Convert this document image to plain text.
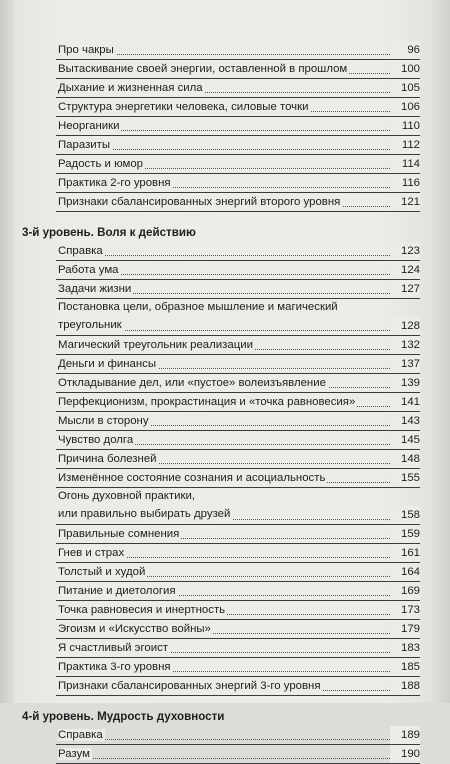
Про чакры	96
Вытаскивание своей энергии, оставленной в прошлом	100
Дыхание и жизненная сила	105
Структура энергетики человека, силовые точки	106
Неорганики	110
Паразиты	112
Радость и юмор	114
Практика 2-го уровня	116
Признаки сбалансированных энергий второго уровня	121
3-й уровень. Воля к действию
Справка	123
Работа ума	124
Задачи жизни	127
Постановка цели, образное мышление и магический
треугольник	128
Магический треугольник реализации	132
Деньги и финансы	137
Откладывание дел, или «пустое» волеизъявление	139
Перфекционизм, прокрастинация и «точка равновесия»	141
Мысли в сторону	143
Чувство долга	145
Причина болезней	148
Изменённое состояние сознания и асоциальность	155
Огонь духовной практики,
или правильно выбирать друзей	158
Правильные сомнения	159
Гнев и страх	161
Толстый и худой	164
Питание и диетология	169
Точка равновесия и инертность	173
Эгоизм и «Искусство войны»	179
Я счастливый эгоист	183
Практика 3-го уровня	185
Признаки сбалансированных энергий 3-го уровня	188
4-й уровень. Мудрость духовности
Справка	189
Разум	190
